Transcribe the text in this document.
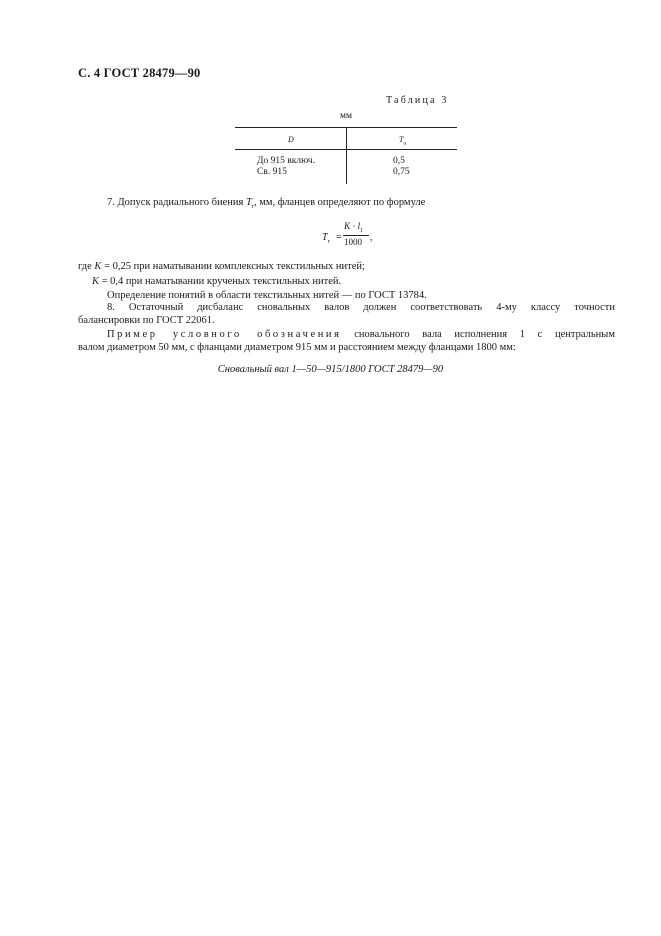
С. 4 ГОСТ 28479—90
Таблица 3
мм
D	$T_a$
До 915 включ.	0,5
Св. 915	0,75
7. Допуск радиального биения $T_r$, мм, фланцев определяют по формуле
$T_r$ =
$K \cdot l_1$
1000 ,
где K = 0,25 при наматывании комплексных текстильных нитей;
K = 0,4 при наматывании крученых текстильных нитей.
Определение понятий в области текстильных нитей — по ГОСТ 13784.
8. Остаточный дисбаланс сновальных валов должен соответствовать 4-му классу точности
балансировки по ГОСТ 22061.
Пример условного обозначения сновального вала исполнения 1 с центральным
валом диаметром 50 мм, с фланцами диаметром 915 мм и расстоянием между фланцами 1800 мм:
Сновальный вал 1—50—915/1800 ГОСТ 28479—90
